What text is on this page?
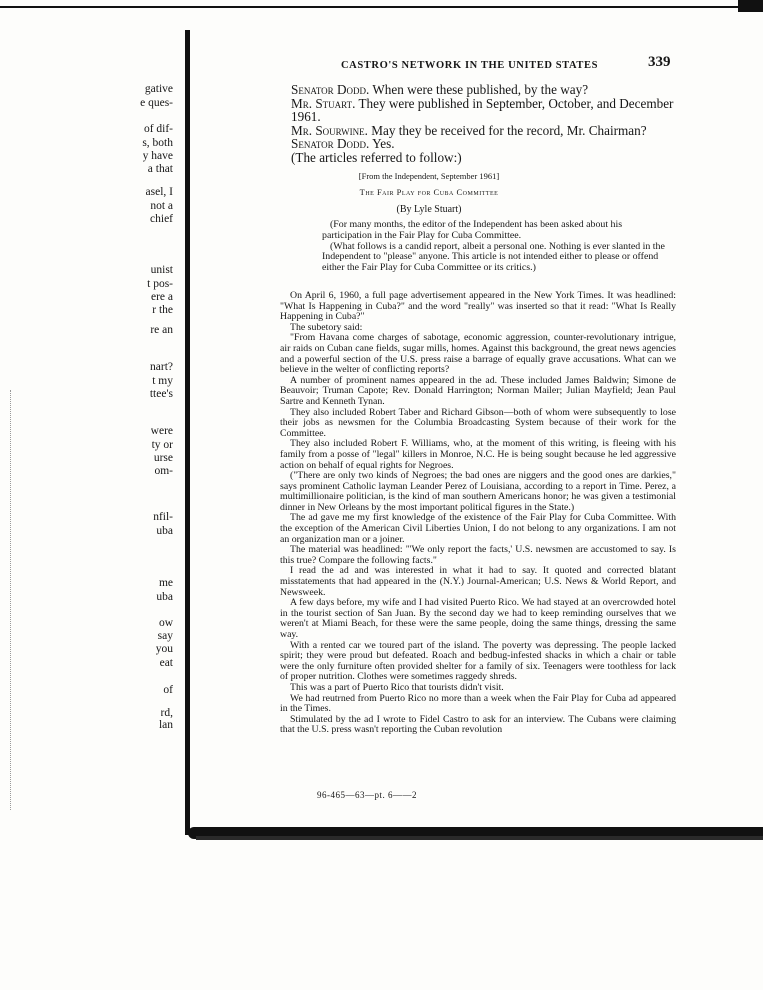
gative
e ques-
of dif-
s, both
y have
a that
asel, I
not a
chief
unist
t pos-
ere a
r the
re an
nart?
t my
ttee's
were
ty or
urse
om-
nfil-
uba
me
uba
ow
say
you
eat
of
rd,
lan
CASTRO'S NETWORK IN THE UNITED STATES	339

Senator Dodd. When were these published, by the way?

Mr. Stuart. They were published in September, October, and December 1961.

Mr. Sourwine. May they be received for the record, Mr. Chairman?

Senator Dodd. Yes.

(The articles referred to follow:)

[From the Independent, September 1961]
The Fair Play for Cuba Committee
(By Lyle Stuart)

(For many months, the editor of the Independent has been asked about his participation in the Fair Play for Cuba Committee.

(What follows is a candid report, albeit a personal one. Nothing is ever slanted in the Independent to "please" anyone. This article is not intended either to please or offend either the Fair Play for Cuba Committee or its critics.)

On April 6, 1960, a full page advertisement appeared in the New York Times. It was headlined: "What Is Happening in Cuba?" and the word "really" was inserted so that it read: "What Is Really Happening in Cuba?"

The subetory said:

"From Havana come charges of sabotage, economic aggression, counter-revolutionary intrigue, air raids on Cuban cane fields, sugar mills, homes. Against this background, the great news agencies and a powerful section of the U.S. press raise a barrage of equally grave accusations. What can we believe in the welter of conflicting reports?

A number of prominent names appeared in the ad. These included James Baldwin; Simone de Beauvoir; Truman Capote; Rev. Donald Harrington; Norman Mailer; Julian Mayfield; Jean Paul Sartre and Kenneth Tynan.

They also included Robert Taber and Richard Gibson—both of whom were subsequently to lose their jobs as newsmen for the Columbia Broadcasting System because of their work for the Committee.

They also included Robert F. Williams, who, at the moment of this writing, is fleeing with his family from a posse of "legal" killers in Monroe, N.C. He is being sought because he led aggressive action on behalf of equal rights for Negroes.

("There are only two kinds of Negroes; the bad ones are niggers and the good ones are darkies," says prominent Catholic layman Leander Perez of Louisiana, according to a report in Time. Perez, a multimillionaire politician, is the kind of man southern Americans honor; he was given a testimonial dinner in New Orleans by the most important political figures in the State.)

The ad gave me my first knowledge of the existence of the Fair Play for Cuba Committee. With the exception of the American Civil Liberties Union, I do not belong to any organizations. I am not an organization man or a joiner.

The material was headlined: "'We only report the facts,' U.S. newsmen are accustomed to say. Is this true? Compare the following facts."

I read the ad and was interested in what it had to say. It quoted and corrected blatant misstatements that had appeared in the (N.Y.) Journal-American; U.S. News & World Report, and Newsweek.

A few days before, my wife and I had visited Puerto Rico. We had stayed at an overcrowded hotel in the tourist section of San Juan. By the second day we had to keep reminding ourselves that we weren't at Miami Beach, for these were the same people, doing the same things, dressing the same way.

With a rented car we toured part of the island. The poverty was depressing. The people lacked spirit; they were proud but defeated. Roach and bedbug-infested shacks in which a chair or table were the only furniture often provided shelter for a family of six. Teenagers were toothless for lack of proper nutrition. Clothes were sometimes raggedy shreds.

This was a part of Puerto Rico that tourists didn't visit.

We had reutrned from Puerto Rico no more than a week when the Fair Play for Cuba ad appeared in the Times.

Stimulated by the ad I wrote to Fidel Castro to ask for an interview. The Cubans were claiming that the U.S. press wasn't reporting the Cuban revolution

96-465—63—pt. 6——2
